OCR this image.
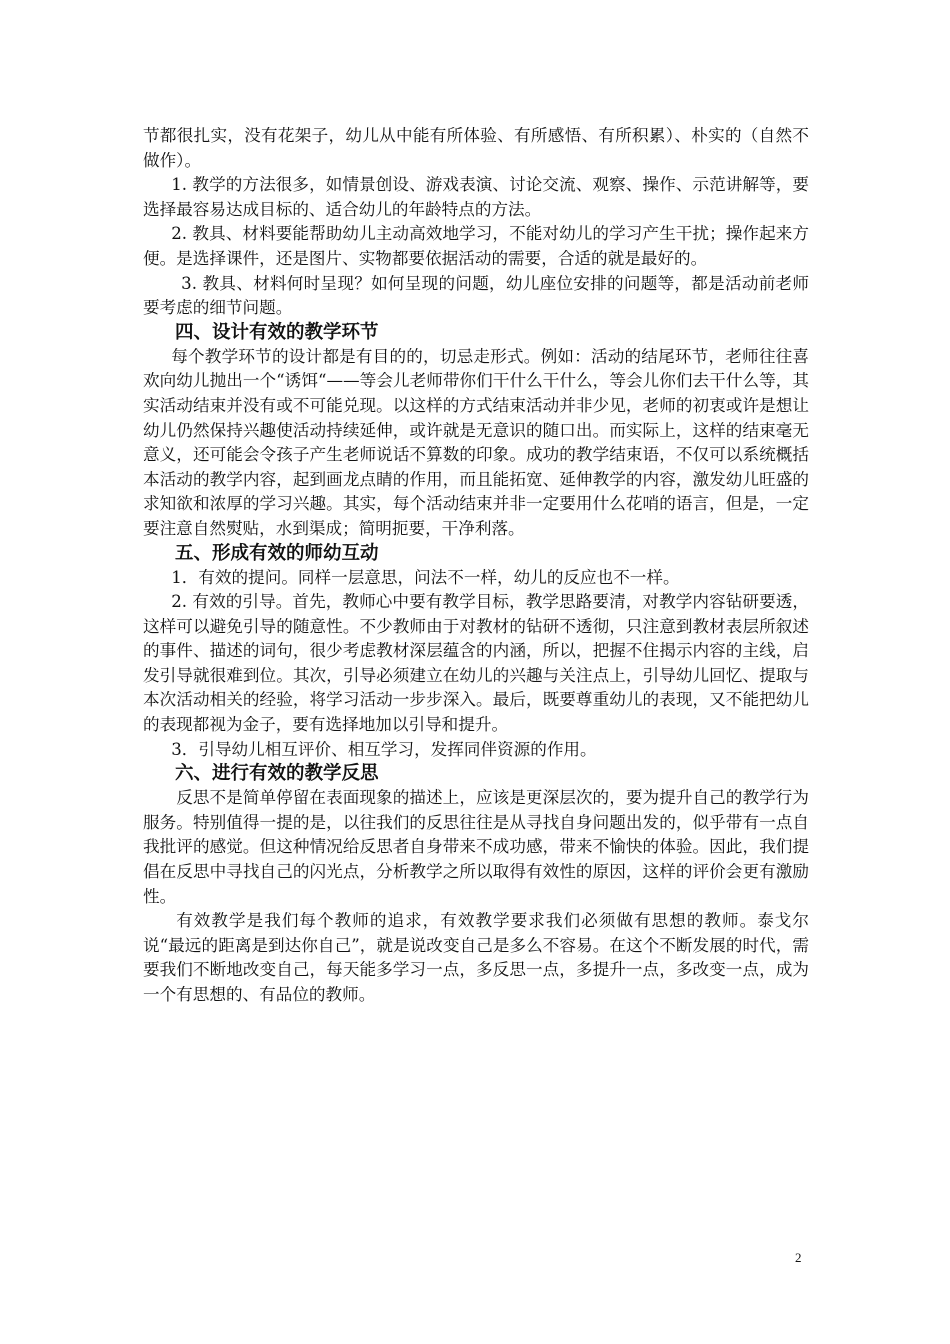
节都很扎实，没有花架子，幼儿从中能有所体验、有所感悟、有所积累）、朴实的（自然不做作）。

1. 教学的方法很多，如情景创设、游戏表演、讨论交流、观察、操作、示范讲解等，要选择最容易达成目标的、适合幼儿的年龄特点的方法。

2. 教具、材料要能帮助幼儿主动高效地学习，不能对幼儿的学习产生干扰；操作起来方便。是选择课件，还是图片、实物都要依据活动的需要，合适的就是最好的。

3. 教具、材料何时呈现？如何呈现的问题，幼儿座位安排的问题等，都是活动前老师要考虑的细节问题。

四、设计有效的教学环节

每个教学环节的设计都是有目的的，切忌走形式。例如：活动的结尾环节，老师往往喜欢向幼儿抛出一个“诱饵“——等会儿老师带你们干什么干什么，等会儿你们去干什么等，其实活动结束并没有或不可能兑现。以这样的方式结束活动并非少见，老师的初衷或许是想让幼儿仍然保持兴趣使活动持续延伸，或许就是无意识的随口出。而实际上，这样的结束毫无意义，还可能会令孩子产生老师说话不算数的印象。成功的教学结束语，不仅可以系统概括本活动的教学内容，起到画龙点睛的作用，而且能拓宽、延伸教学的内容，激发幼儿旺盛的求知欲和浓厚的学习兴趣。其实，每个活动结束并非一定要用什么花哨的语言，但是，一定要注意自然熨贴，水到渠成；简明扼要，干净利落。

五、形成有效的师幼互动

1．有效的提问。同样一层意思，问法不一样，幼儿的反应也不一样。

2. 有效的引导。首先，教师心中要有教学目标，教学思路要清，对教学内容钻研要透，这样可以避免引导的随意性。不少教师由于对教材的钻研不透彻，只注意到教材表层所叙述的事件、描述的词句，很少考虑教材深层蕴含的内涵，所以，把握不住揭示内容的主线，启发引导就很难到位。其次，引导必须建立在幼儿的兴趣与关注点上，引导幼儿回忆、提取与本次活动相关的经验，将学习活动一步步深入。最后，既要尊重幼儿的表现，又不能把幼儿的表现都视为金子，要有选择地加以引导和提升。

3．引导幼儿相互评价、相互学习，发挥同伴资源的作用。

六、进行有效的教学反思

反思不是简单停留在表面现象的描述上，应该是更深层次的，要为提升自己的教学行为服务。特别值得一提的是，以往我们的反思往往是从寻找自身问题出发的，似乎带有一点自我批评的感觉。但这种情况给反思者自身带来不成功感，带来不愉快的体验。因此，我们提倡在反思中寻找自己的闪光点，分析教学之所以取得有效性的原因，这样的评价会更有激励性。

有效教学是我们每个教师的追求，有效教学要求我们必须做有思想的教师。泰戈尔说“最远的距离是到达你自己”，就是说改变自己是多么不容易。在这个不断发展的时代，需要我们不断地改变自己，每天能多学习一点，多反思一点，多提升一点，多改变一点，成为一个有思想的、有品位的教师。

2
